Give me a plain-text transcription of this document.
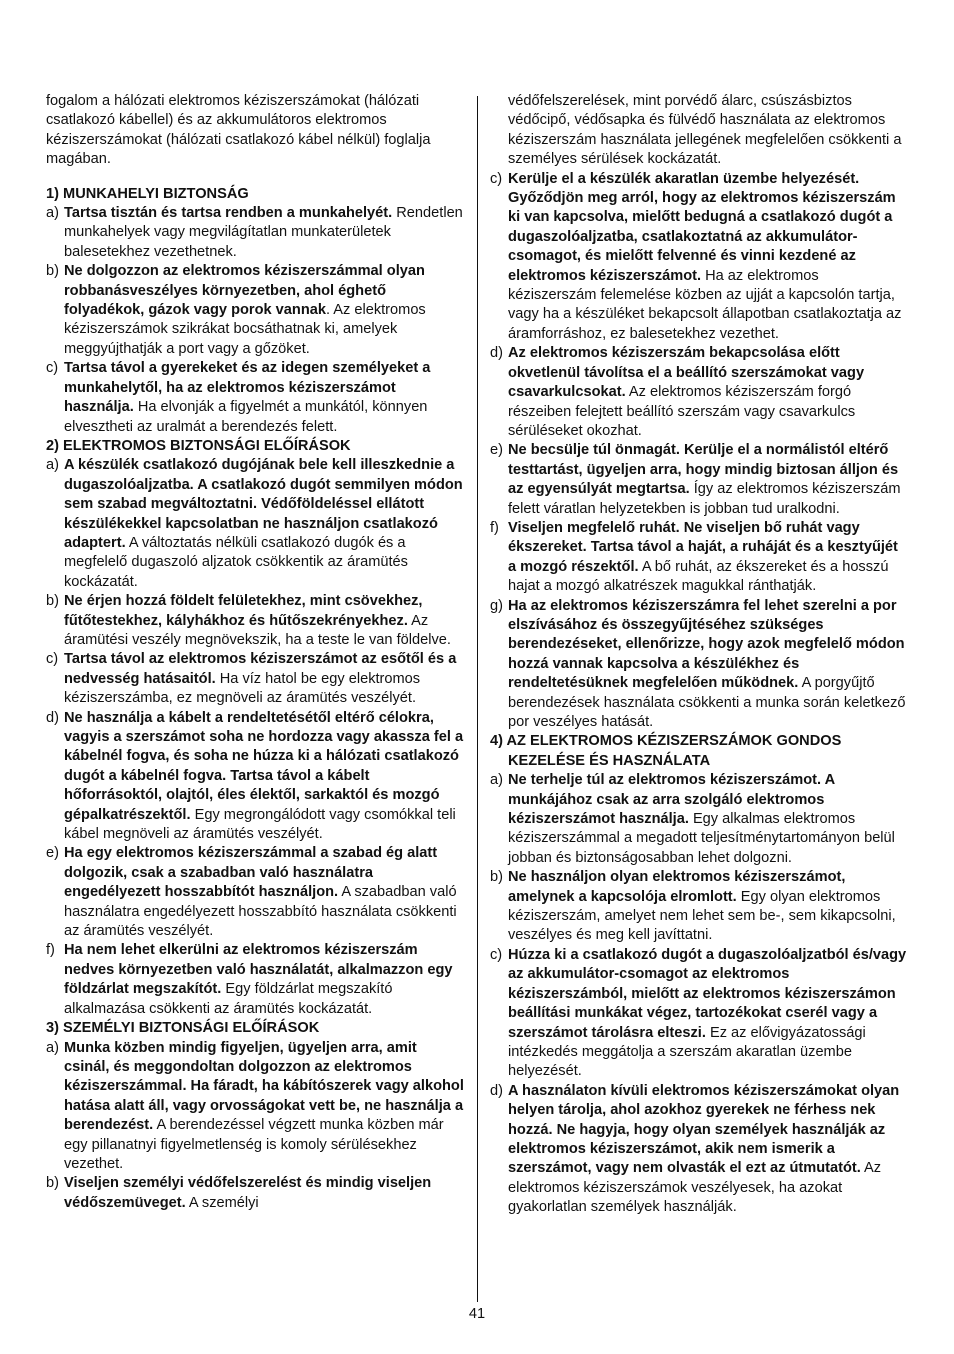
fogalom a hálózati elektromos kéziszerszámokat (hálózati csatlakozó kábellel) és az akkumulátoros elektromos kéziszerszámokat (hálózati csatlakozó kábel nélkül) foglalja magában.

1) MUNKAHELYI BIZTONSÁG

a) Tartsa tisztán és tartsa rendben a munkahelyét. Rendetlen munkahelyek vagy megvilágítatlan munkaterületek balesetekhez vezethetnek.
b) Ne dolgozzon az elektromos kéziszerszámmal olyan robbanásveszélyes környezetben, ahol éghető folyadékok, gázok vagy porok vannak. Az elektromos kéziszerszámok szikrákat bocsáthatnak ki, amelyek meggyújthatják a port vagy a gőzöket.
c) Tartsa távol a gyerekeket és az idegen személyeket a munkahelytől, ha az elektromos kéziszerszámot használja. Ha elvonják a figyelmét a munkától, könnyen elvesztheti az uralmát a berendezés felett.

2) ELEKTROMOS BIZTONSÁGI ELŐÍRÁSOK

a) A készülék csatlakozó dugójának bele kell illeszkednie a dugaszolóaljzatba. A csatlakozó dugót semmilyen módon sem szabad megváltoztatni. Védőföldeléssel ellátott készülékekkel kapcsolatban ne használjon csatlakozó adaptert. A változtatás nélküli csatlakozó dugók és a megfelelő dugaszoló aljzatok csökkentik az áramütés kockázatát.
b) Ne érjen hozzá földelt felületekhez, mint csövekhez, fűtőtestekhez, kályhákhoz és hűtőszekrényekhez. Az áramütési veszély megnövekszik, ha a teste le van földelve.
c) Tartsa távol az elektromos kéziszerszámot az esőtől és a nedvesség hatásaitól. Ha víz hatol be egy elektromos kéziszerszámba, ez megnöveli az áramütés veszélyét.
d) Ne használja a kábelt a rendeltetésétől eltérő célokra, vagyis a szerszámot soha ne hordozza vagy akassza fel a kábelnél fogva, és soha ne húzza ki a hálózati csatlakozó dugót a kábelnél fogva. Tartsa távol a kábelt hőforrásoktól, olajtól, éles élektől, sarkaktól és mozgó gépalkatrészektől. Egy megrongálódott vagy csomókkal teli kábel megnöveli az áramütés veszélyét.
e) Ha egy elektromos kéziszerszámmal a szabad ég alatt dolgozik, csak a szabadban való használatra engedélyezett hosszabbítót használjon. A szabadban való használatra engedélyezett hosszabbító használata csökkenti az áramütés veszélyét.
f) Ha nem lehet elkerülni az elektromos kéziszerszám nedves környezetben való használatát, alkalmazzon egy földzárlat megszakítót. Egy földzárlat megszakító alkalmazása csökkenti az áramütés kockázatát.

3) SZEMÉLYI BIZTONSÁGI ELŐÍRÁSOK

a) Munka közben mindig figyeljen, ügyeljen arra, amit csinál, és meggondoltan dolgozzon az elektromos kéziszerszámmal. Ha fáradt, ha kábítószerek vagy alkohol hatása alatt áll, vagy orvosságokat vett be, ne használja a berendezést. A berendezéssel végzett munka közben már egy pillanatnyi figyelmetlenség is komoly sérülésekhez vezethet.
b) Viseljen személyi védőfelszerelést és mindig viseljen védőszemüveget. A személyi

védőfelszerelések, mint porvédő álarc, csúszásbiztos védőcipő, védősapka és fülvédő használata az elektromos kéziszerszám használata jellegének megfelelően csökkenti a személyes sérülések kockázatát.

c) Kerülje el a készülék akaratlan üzembe helyezését. Győződjön meg arról, hogy az elektromos kéziszerszám ki van kapcsolva, mielőtt bedugná a csatlakozó dugót a dugaszolóaljzatba, csatlakoztatná az akkumulátor-csomagot, és mielőtt felvenné és vinni kezdené az elektromos kéziszerszámot. Ha az elektromos kéziszerszám felemelése közben az ujját a kapcsolón tartja, vagy ha a készüléket bekapcsolt állapotban csatlakoztatja az áramforráshoz, ez balesetekhez vezethet.
d) Az elektromos kéziszerszám bekapcsolása előtt okvetlenül távolítsa el a beállító szerszámokat vagy csavarkulcsokat. Az elektromos kéziszerszám forgó részeiben felejtett beállító szerszám vagy csavarkulcs sérüléseket okozhat.
e) Ne becsülje túl önmagát. Kerülje el a normálistól eltérő testtartást, ügyeljen arra, hogy mindig biztosan álljon és az egyensúlyát megtartsa. Így az elektromos kéziszerszám felett váratlan helyzetekben is jobban tud uralkodni.
f) Viseljen megfelelő ruhát. Ne viseljen bő ruhát vagy ékszereket. Tartsa távol a haját, a ruháját és a kesztyűjét a mozgó részektől. A bő ruhát, az ékszereket és a hosszú hajat a mozgó alkatrészek magukkal ránthatják.
g) Ha az elektromos kéziszerszámra fel lehet szerelni a por elszívásához és összegyűjtéséhez szükséges berendezéseket, ellenőrizze, hogy azok megfelelő módon hozzá vannak kapcsolva a készülékhez és rendeltetésüknek megfelelően működnek. A porgyűjtő berendezések használata csökkenti a munka során keletkező por veszélyes hatását.

4) AZ ELEKTROMOS KÉZISZERSZÁMOK GONDOS
KEZELÉSE ÉS HASZNÁLATA

a) Ne terhelje túl az elektromos kéziszerszámot. A munkájához csak az arra szolgáló elektromos kéziszerszámot használja. Egy alkalmas elektromos kéziszerszámmal a megadott teljesítménytartományon belül jobban és biztonságosabban lehet dolgozni.
b) Ne használjon olyan elektromos kéziszerszámot, amelynek a kapcsolója elromlott. Egy olyan elektromos kéziszerszám, amelyet nem lehet sem be-, sem kikapcsolni, veszélyes és meg kell javíttatni.
c) Húzza ki a csatlakozó dugót a dugaszolóaljzatból és/vagy az akkumulátor-csomagot az elektromos kéziszerszámból, mielőtt az elektromos kéziszerszámon beállítási munkákat végez, tartozékokat cserél vagy a szerszámot tárolásra elteszi. Ez az elővigyázatossági intézkedés meggátolja a szerszám akaratlan üzembe helyezését.
d) A használaton kívüli elektromos kéziszerszámokat olyan helyen tárolja, ahol azokhoz gyerekek ne férhess nek hozzá. Ne hagyja, hogy olyan személyek használják az elektromos kéziszerszámot, akik nem ismerik a szerszámot, vagy nem olvasták el ezt az útmutatót. Az elektromos kéziszerszámok veszélyesek, ha azokat gyakorlatlan személyek használják.
41
